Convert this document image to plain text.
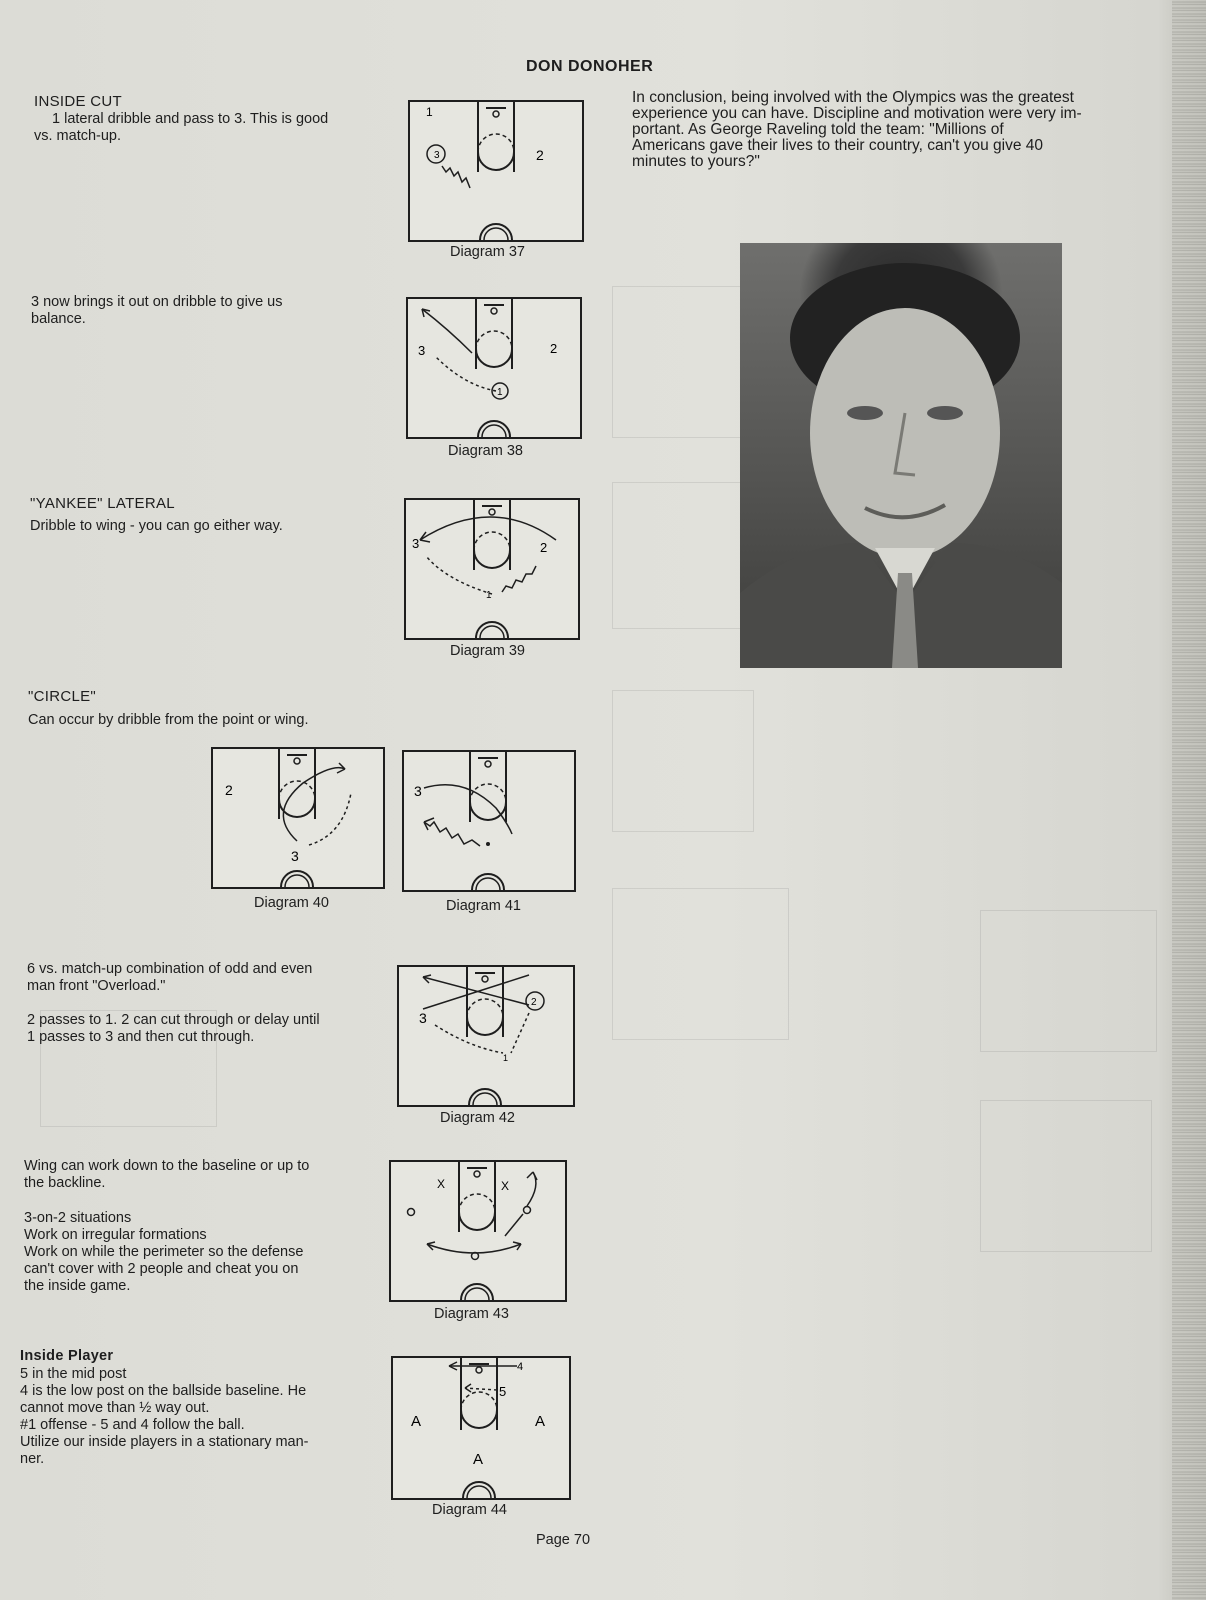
DON DONOHER
INSIDE CUT
1 lateral dribble and pass to 3. This is good
vs. match-up.
3 now brings it out on dribble to give us
balance.
"YANKEE" LATERAL
Dribble to wing - you can go either way.
"CIRCLE"
Can occur by dribble from the point or wing.
6 vs. match-up combination of odd and even
man front "Overload."
2 passes to 1. 2 can cut through or delay until
1 passes to 3 and then cut through.
Wing can work down to the baseline or up to
the backline.
3-on-2 situations
Work on irregular formations
Work on while the perimeter so the defense
can't cover with 2 people and cheat you on
the inside game.
Inside Player
5 in the mid post
4 is the low post on the ballside baseline. He
cannot move than ½ way out.
#1 offense - 5 and 4 follow the ball.
Utilize our inside players in a stationary man-
ner.
In conclusion, being involved with the Olympics was the greatest
experience you can have. Discipline and motivation were very im-
portant. As George Raveling told the team: "Millions of
Americans gave their lives to their country, can't you give 40
minutes to yours?"
3
1
2
Diagram 37
1
3	2
Diagram 38
3	2
1
Diagram 39
2
3
Diagram 40
3
Diagram 41
3
2
1
Diagram 42
X	X
Diagram 43
4
5
A	A
A
Diagram 44
Page 70
